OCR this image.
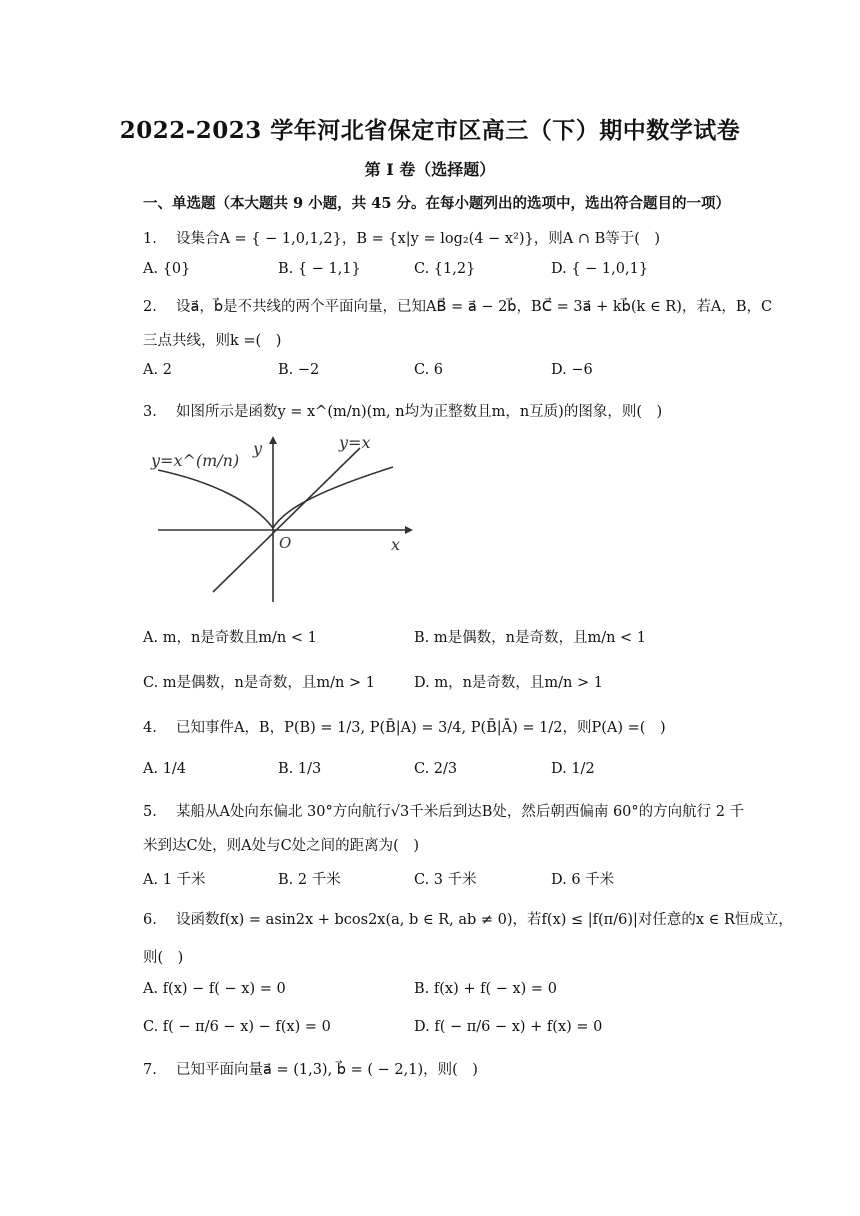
2022-2023 学年河北省保定市区高三（下）期中数学试卷
第 I 卷（选择题）
一、单选题（本大题共 9 小题，共 45 分。在每小题列出的选项中，选出符合题目的一项）
1.　 设集合A = { − 1,0,1,2}，B = {x|y = log₂(4 − x²)}，则A ∩ B等于(　)
A. {0}	B. { − 1,1}	C. {1,2}	D. { − 1,0,1}
2.　 设a⃗，b⃗是不共线的两个平面向量，已知AB⃗ = a⃗ − 2b⃗，BC⃗ = 3a⃗ + kb⃗(k ∈ R)，若A，B，C
三点共线，则k =(　)
A. 2	B. −2	C. 6	D. −6
3.　 如图所示是函数y = x^(m/n)(m, n均为正整数且m，n互质)的图象，则(　)
y=x^(m/n)
y=x
y
x
O
A. m，n是奇数且m/n < 1	B. m是偶数，n是奇数，且m/n < 1
C. m是偶数，n是奇数，且m/n > 1	D. m，n是奇数，且m/n > 1
4.　 已知事件A，B，P(B) = 1/3, P(B̄|A) = 3/4, P(B̄|Ā) = 1/2，则P(A) =(　)
A. 1/4	B. 1/3	C. 2/3	D. 1/2
5.　 某船从A处向东偏北 30°方向航行√3千米后到达B处，然后朝西偏南 60°的方向航行 2 千
米到达C处，则A处与C处之间的距离为(　)
A. 1 千米	B. 2 千米	C. 3 千米	D. 6 千米
6.　 设函数f(x) = asin2x + bcos2x(a, b ∈ R, ab ≠ 0)，若f(x) ≤ |f(π/6)|对任意的x ∈ R恒成立，
则(　)
A. f(x) − f( − x) = 0	B. f(x) + f( − x) = 0
C. f( − π/6 − x) − f(x) = 0	D. f( − π/6 − x) + f(x) = 0
7.　 已知平面向量a⃗ = (1,3), b⃗ = ( − 2,1)，则(　)
